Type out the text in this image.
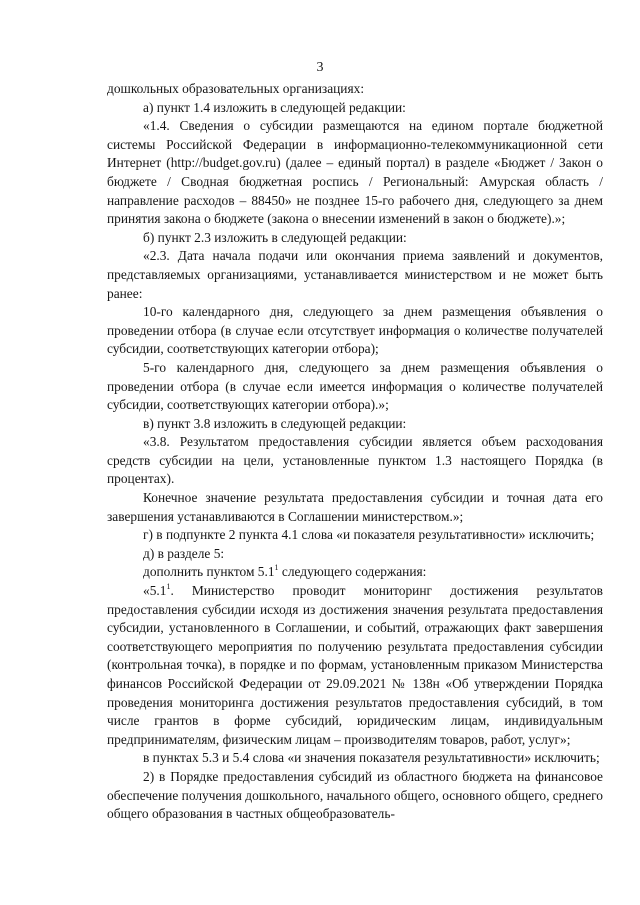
3

дошкольных образовательных организациях:

а) пункт 1.4 изложить в следующей редакции:

«1.4. Сведения о субсидии размещаются на едином портале бюджетной системы Российской Федерации в информационно-телекоммуникационной сети Интернет (http://budget.gov.ru) (далее – единый портал) в разделе «Бюджет / Закон о бюджете / Сводная бюджетная роспись / Региональный: Амурская область / направление расходов – 88450» не позднее 15-го рабочего дня, следующего за днем принятия закона о бюджете (закона о внесении изменений в закон о бюджете).»;

б) пункт 2.3 изложить в следующей редакции:

«2.3. Дата начала подачи или окончания приема заявлений и документов, представляемых организациями, устанавливается министерством и не может быть ранее:

10-го календарного дня, следующего за днем размещения объявления о проведении отбора (в случае если отсутствует информация о количестве получателей субсидии, соответствующих категории отбора);

5-го календарного дня, следующего за днем размещения объявления о проведении отбора (в случае если имеется информация о количестве получателей субсидии, соответствующих категории отбора).»;

в) пункт 3.8 изложить в следующей редакции:

«3.8. Результатом предоставления субсидии является объем расходования средств субсидии на цели, установленные пунктом 1.3 настоящего Порядка (в процентах).

Конечное значение результата предоставления субсидии и точная дата его завершения устанавливаются в Соглашении министерством.»;

г) в подпункте 2 пункта 4.1 слова «и показателя результативности» исключить;

д) в разделе 5:

дополнить пунктом $5.1^1$ следующего содержания:

«$5.1^1$. Министерство проводит мониторинг достижения результатов предоставления субсидии исходя из достижения значения результата предоставления субсидии, установленного в Соглашении, и событий, отражающих факт завершения соответствующего мероприятия по получению результата предоставления субсидии (контрольная точка), в порядке и по формам, установленным приказом Министерства финансов Российской Федерации от 29.09.2021 № 138н «Об утверждении Порядка проведения мониторинга достижения результатов предоставления субсидий, в том числе грантов в форме субсидий, юридическим лицам, индивидуальным предпринимателям, физическим лицам – производителям товаров, работ, услуг»;

в пунктах 5.3 и 5.4 слова «и значения показателя результативности» исключить;

2) в Порядке предоставления субсидий из областного бюджета на финансовое обеспечение получения дошкольного, начального общего, основного общего, среднего общего образования в частных общеобразователь-
